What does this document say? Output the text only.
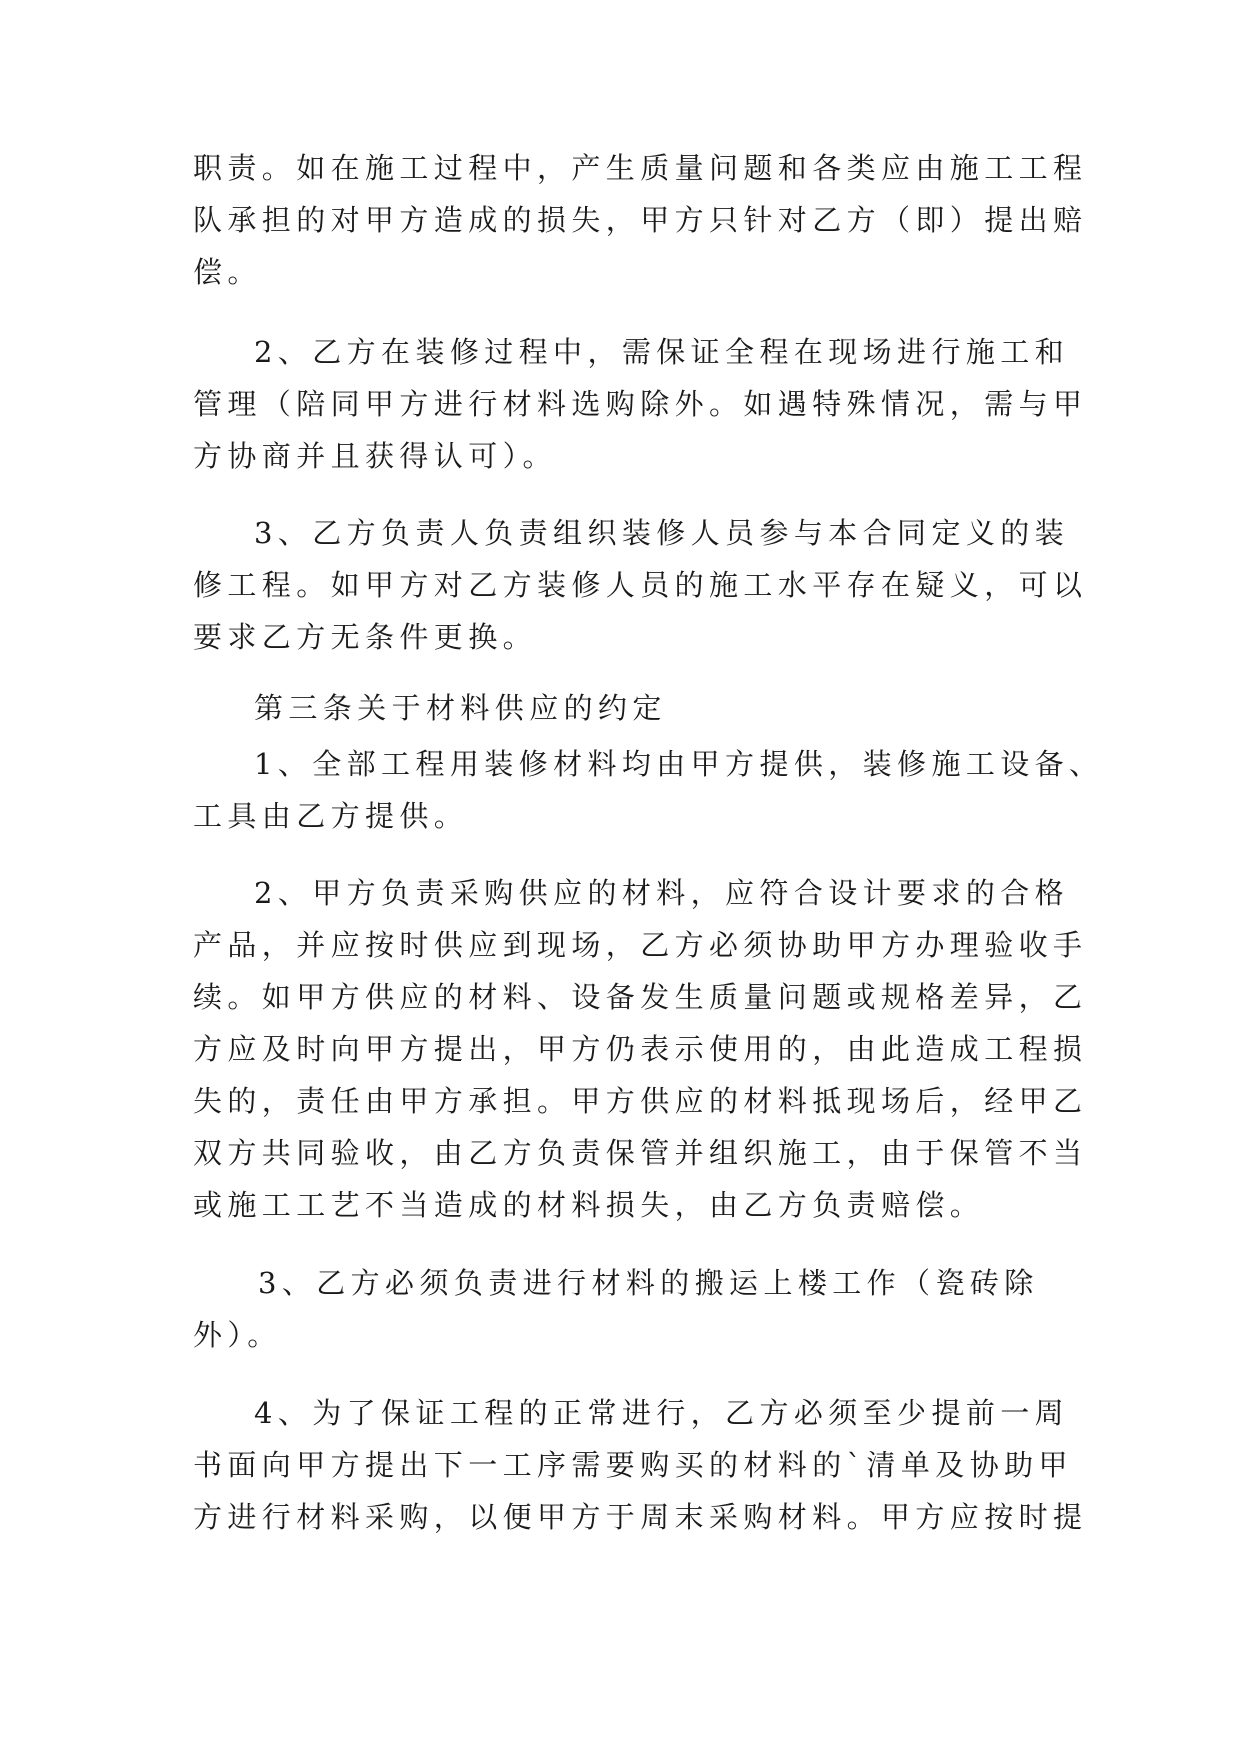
职责。如在施工过程中，产生质量问题和各类应由施工工程
队承担的对甲方造成的损失，甲方只针对乙方（即）提出赔
偿。
2、乙方在装修过程中，需保证全程在现场进行施工和
管理（陪同甲方进行材料选购除外。如遇特殊情况，需与甲
方协商并且获得认可）。
3、乙方负责人负责组织装修人员参与本合同定义的装
修工程。如甲方对乙方装修人员的施工水平存在疑义，可以
要求乙方无条件更换。
第三条关于材料供应的约定
1、全部工程用装修材料均由甲方提供，装修施工设备、
工具由乙方提供。
2、甲方负责采购供应的材料，应符合设计要求的合格
产品，并应按时供应到现场，乙方必须协助甲方办理验收手
续。如甲方供应的材料、设备发生质量问题或规格差异，乙
方应及时向甲方提出，甲方仍表示使用的，由此造成工程损
失的，责任由甲方承担。甲方供应的材料抵现场后，经甲乙
双方共同验收，由乙方负责保管并组织施工，由于保管不当
或施工工艺不当造成的材料损失，由乙方负责赔偿。
3、乙方必须负责进行材料的搬运上楼工作（瓷砖除
外）。
4、为了保证工程的正常进行，乙方必须至少提前一周
书面向甲方提出下一工序需要购买的材料的`清单及协助甲
方进行材料采购，以便甲方于周末采购材料。甲方应按时提
